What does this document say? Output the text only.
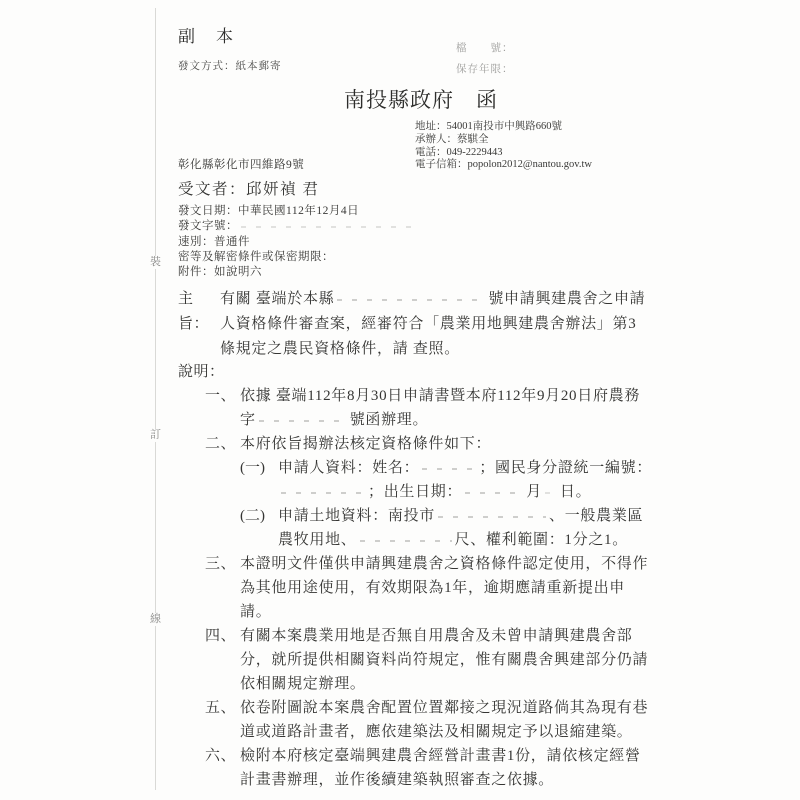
裝
訂
線
副　本
發文方式：紙本郵寄
檔　　號：
保存年限：
南投縣政府　函
地址：54001南投市中興路660號
承辦人：蔡騏全
電話：049-2229443
電子信箱：popolon2012@nantou.gov.tw
彰化縣彰化市四維路9號
受文者：邱妍禎 君
發文日期：中華民國112年12月4日
發文字號：
速別：普通件
密等及解密條件或保密期限：
附件：如說明六
主旨：
有關 臺端於本縣	號申請興建農舍之申請人資格條件審查案，經審符合「農業用地興建農舍辦法」第3條規定之農民資格條件，請 查照。
說明：
一、 依據 臺端112年8月30日申請書暨本府112年9月20日府農務字	號函辦理。
二、 本府依旨揭辦法核定資格條件如下：
(一) 申請人資料：姓名：	；國民身分證統一編號：；出生日期：	月 日。
(二) 申請土地資料：南投市	、一般農業區農牧用地、	尺、權利範圍：1分之1。
三、 本證明文件僅供申請興建農舍之資格條件認定使用，不得作為其他用途使用，有效期限為1年，逾期應請重新提出申請。
四、 有關本案農業用地是否無自用農舍及未曾申請興建農舍部分，就所提供相關資料尚符規定，惟有關農舍興建部分仍請依相關規定辦理。
五、 依卷附圖說本案農舍配置位置鄰接之現況道路倘其為現有巷道或道路計畫者，應依建築法及相關規定予以退縮建築。
六、 檢附本府核定臺端興建農舍經營計畫書1份，請依核定經營計畫書辦理，並作後續建築執照審查之依據。
